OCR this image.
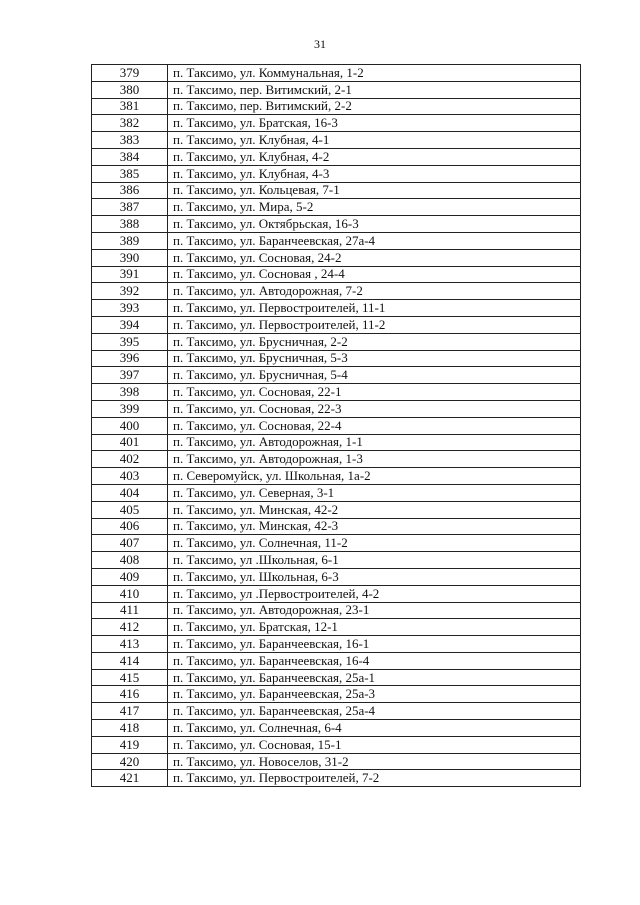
31
379	п. Таксимо, ул. Коммунальная, 1-2
380	п. Таксимо, пер. Витимский, 2-1
381	п. Таксимо, пер. Витимский, 2-2
382	п. Таксимо, ул. Братская, 16-3
383	п. Таксимо, ул. Клубная, 4-1
384	п. Таксимо, ул. Клубная, 4-2
385	п. Таксимо, ул. Клубная, 4-3
386	п. Таксимо, ул. Кольцевая, 7-1
387	п. Таксимо, ул. Мира, 5-2
388	п. Таксимо, ул. Октябрьская, 16-3
389	п. Таксимо, ул. Баранчеевская, 27а-4
390	п. Таксимо, ул. Сосновая, 24-2
391	п. Таксимо, ул. Сосновая , 24-4
392	п. Таксимо, ул. Автодорожная, 7-2
393	п. Таксимо, ул. Первостроителей, 11-1
394	п. Таксимо, ул. Первостроителей, 11-2
395	п. Таксимо, ул. Брусничная, 2-2
396	п. Таксимо, ул. Брусничная, 5-3
397	п. Таксимо, ул. Брусничная, 5-4
398	п. Таксимо, ул. Сосновая, 22-1
399	п. Таксимо, ул. Сосновая, 22-3
400	п. Таксимо, ул. Сосновая, 22-4
401	п. Таксимо, ул. Автодорожная, 1-1
402	п. Таксимо, ул. Автодорожная, 1-3
403	п. Северомуйск, ул. Школьная, 1а-2
404	п. Таксимо, ул. Северная, 3-1
405	п. Таксимо, ул. Минская, 42-2
406	п. Таксимо, ул. Минская, 42-3
407	п. Таксимо, ул. Солнечная, 11-2
408	п. Таксимо, ул .Школьная, 6-1
409	п. Таксимо, ул. Школьная, 6-3
410	п. Таксимо, ул .Первостроителей, 4-2
411	п. Таксимо, ул. Автодорожная, 23-1
412	п. Таксимо, ул. Братская, 12-1
413	п. Таксимо, ул. Баранчеевская, 16-1
414	п. Таксимо, ул. Баранчеевская, 16-4
415	п. Таксимо, ул. Баранчеевская, 25а-1
416	п. Таксимо, ул. Баранчеевская, 25а-3
417	п. Таксимо, ул. Баранчеевская, 25а-4
418	п. Таксимо, ул. Солнечная, 6-4
419	п. Таксимо, ул. Сосновая, 15-1
420	п. Таксимо, ул. Новоселов, 31-2
421	п. Таксимо, ул. Первостроителей, 7-2
